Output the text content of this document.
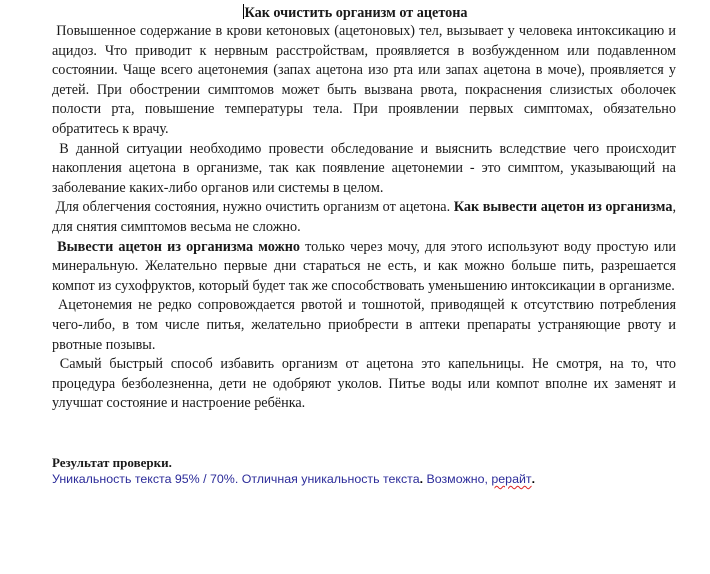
Как очистить организм от ацетона

Повышенное содержание в крови кетоновых (ацетоновых) тел, вызывает у человека интоксикацию и ацидоз. Что приводит к нервным расстройствам, проявляется в возбужденном или подавленном состоянии. Чаще всего ацетонемия (запах ацетона изо рта или запах ацетона в моче), проявляется у детей. При обострении симптомов может быть вызвана рвота, покраснения слизистых оболочек полости рта, повышение температуры тела. При проявлении первых симптомах, обязательно обратитесь к врачу.

В данной ситуации необходимо провести обследование и выяснить вследствие чего происходит накопления ацетона в организме, так как появление ацетонемии - это симптом, указывающий на заболевание каких-либо органов или системы в целом.

Для облегчения состояния, нужно очистить организм от ацетона. Как вывести ацетон из организма, для снятия симптомов весьма не сложно.

Вывести ацетон из организма можно только через мочу, для этого используют воду простую или минеральную. Желательно первые дни стараться не есть, и как можно больше пить, разрешается компот из сухофруктов, который будет так же способствовать уменьшению интоксикации в организме.

Ацетонемия не редко сопровождается рвотой и тошнотой, приводящей к отсутствию потребления чего-либо, в том числе питья, желательно приобрести в аптеки препараты устраняющие рвоту и рвотные позывы.

Самый быстрый способ избавить организм от ацетона это капельницы. Не смотря, на то, что процедура безболезненна, дети не одобряют уколов. Питье воды или компот вполне их заменят и улучшат состояние и настроение ребёнка.

Результат проверки.
Уникальность текста 95% / 70%. Отличная уникальность текста. Возможно, рерайт.
